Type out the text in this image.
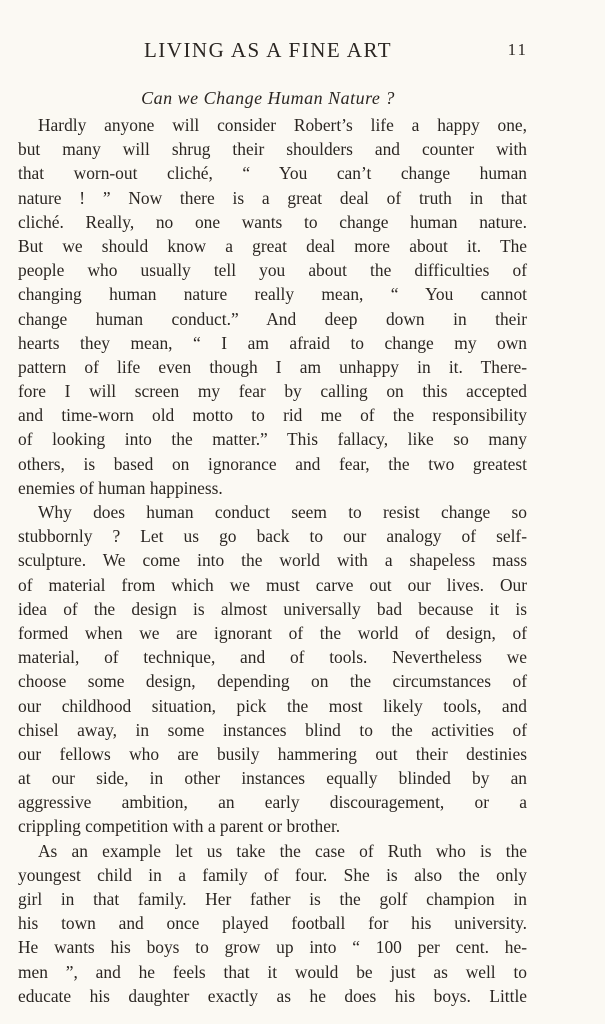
LIVING AS A FINE ART	11
Can we Change Human Nature ?
Hardly anyone will consider Robert’s life a happy one,
but many will shrug their shoulders and counter with
that worn-out cliché, “ You can’t change human
nature ! ” Now there is a great deal of truth in that
cliché. Really, no one wants to change human nature.
But we should know a great deal more about it. The
people who usually tell you about the difficulties of
changing human nature really mean, “ You cannot
change human conduct.” And deep down in their
hearts they mean, “ I am afraid to change my own
pattern of life even though I am unhappy in it. There-
fore I will screen my fear by calling on this accepted
and time-worn old motto to rid me of the responsibility
of looking into the matter.” This fallacy, like so many
others, is based on ignorance and fear, the two greatest
enemies of human happiness.
Why does human conduct seem to resist change so
stubbornly ? Let us go back to our analogy of self-
sculpture. We come into the world with a shapeless mass
of material from which we must carve out our lives. Our
idea of the design is almost universally bad because it is
formed when we are ignorant of the world of design, of
material, of technique, and of tools. Nevertheless we
choose some design, depending on the circumstances of
our childhood situation, pick the most likely tools, and
chisel away, in some instances blind to the activities of
our fellows who are busily hammering out their destinies
at our side, in other instances equally blinded by an
aggressive ambition, an early discouragement, or a
crippling competition with a parent or brother.
As an example let us take the case of Ruth who is the
youngest child in a family of four. She is also the only
girl in that family. Her father is the golf champion in
his town and once played football for his university.
He wants his boys to grow up into “ 100 per cent. he-
men ”, and he feels that it would be just as well to
educate his daughter exactly as he does his boys. Little
